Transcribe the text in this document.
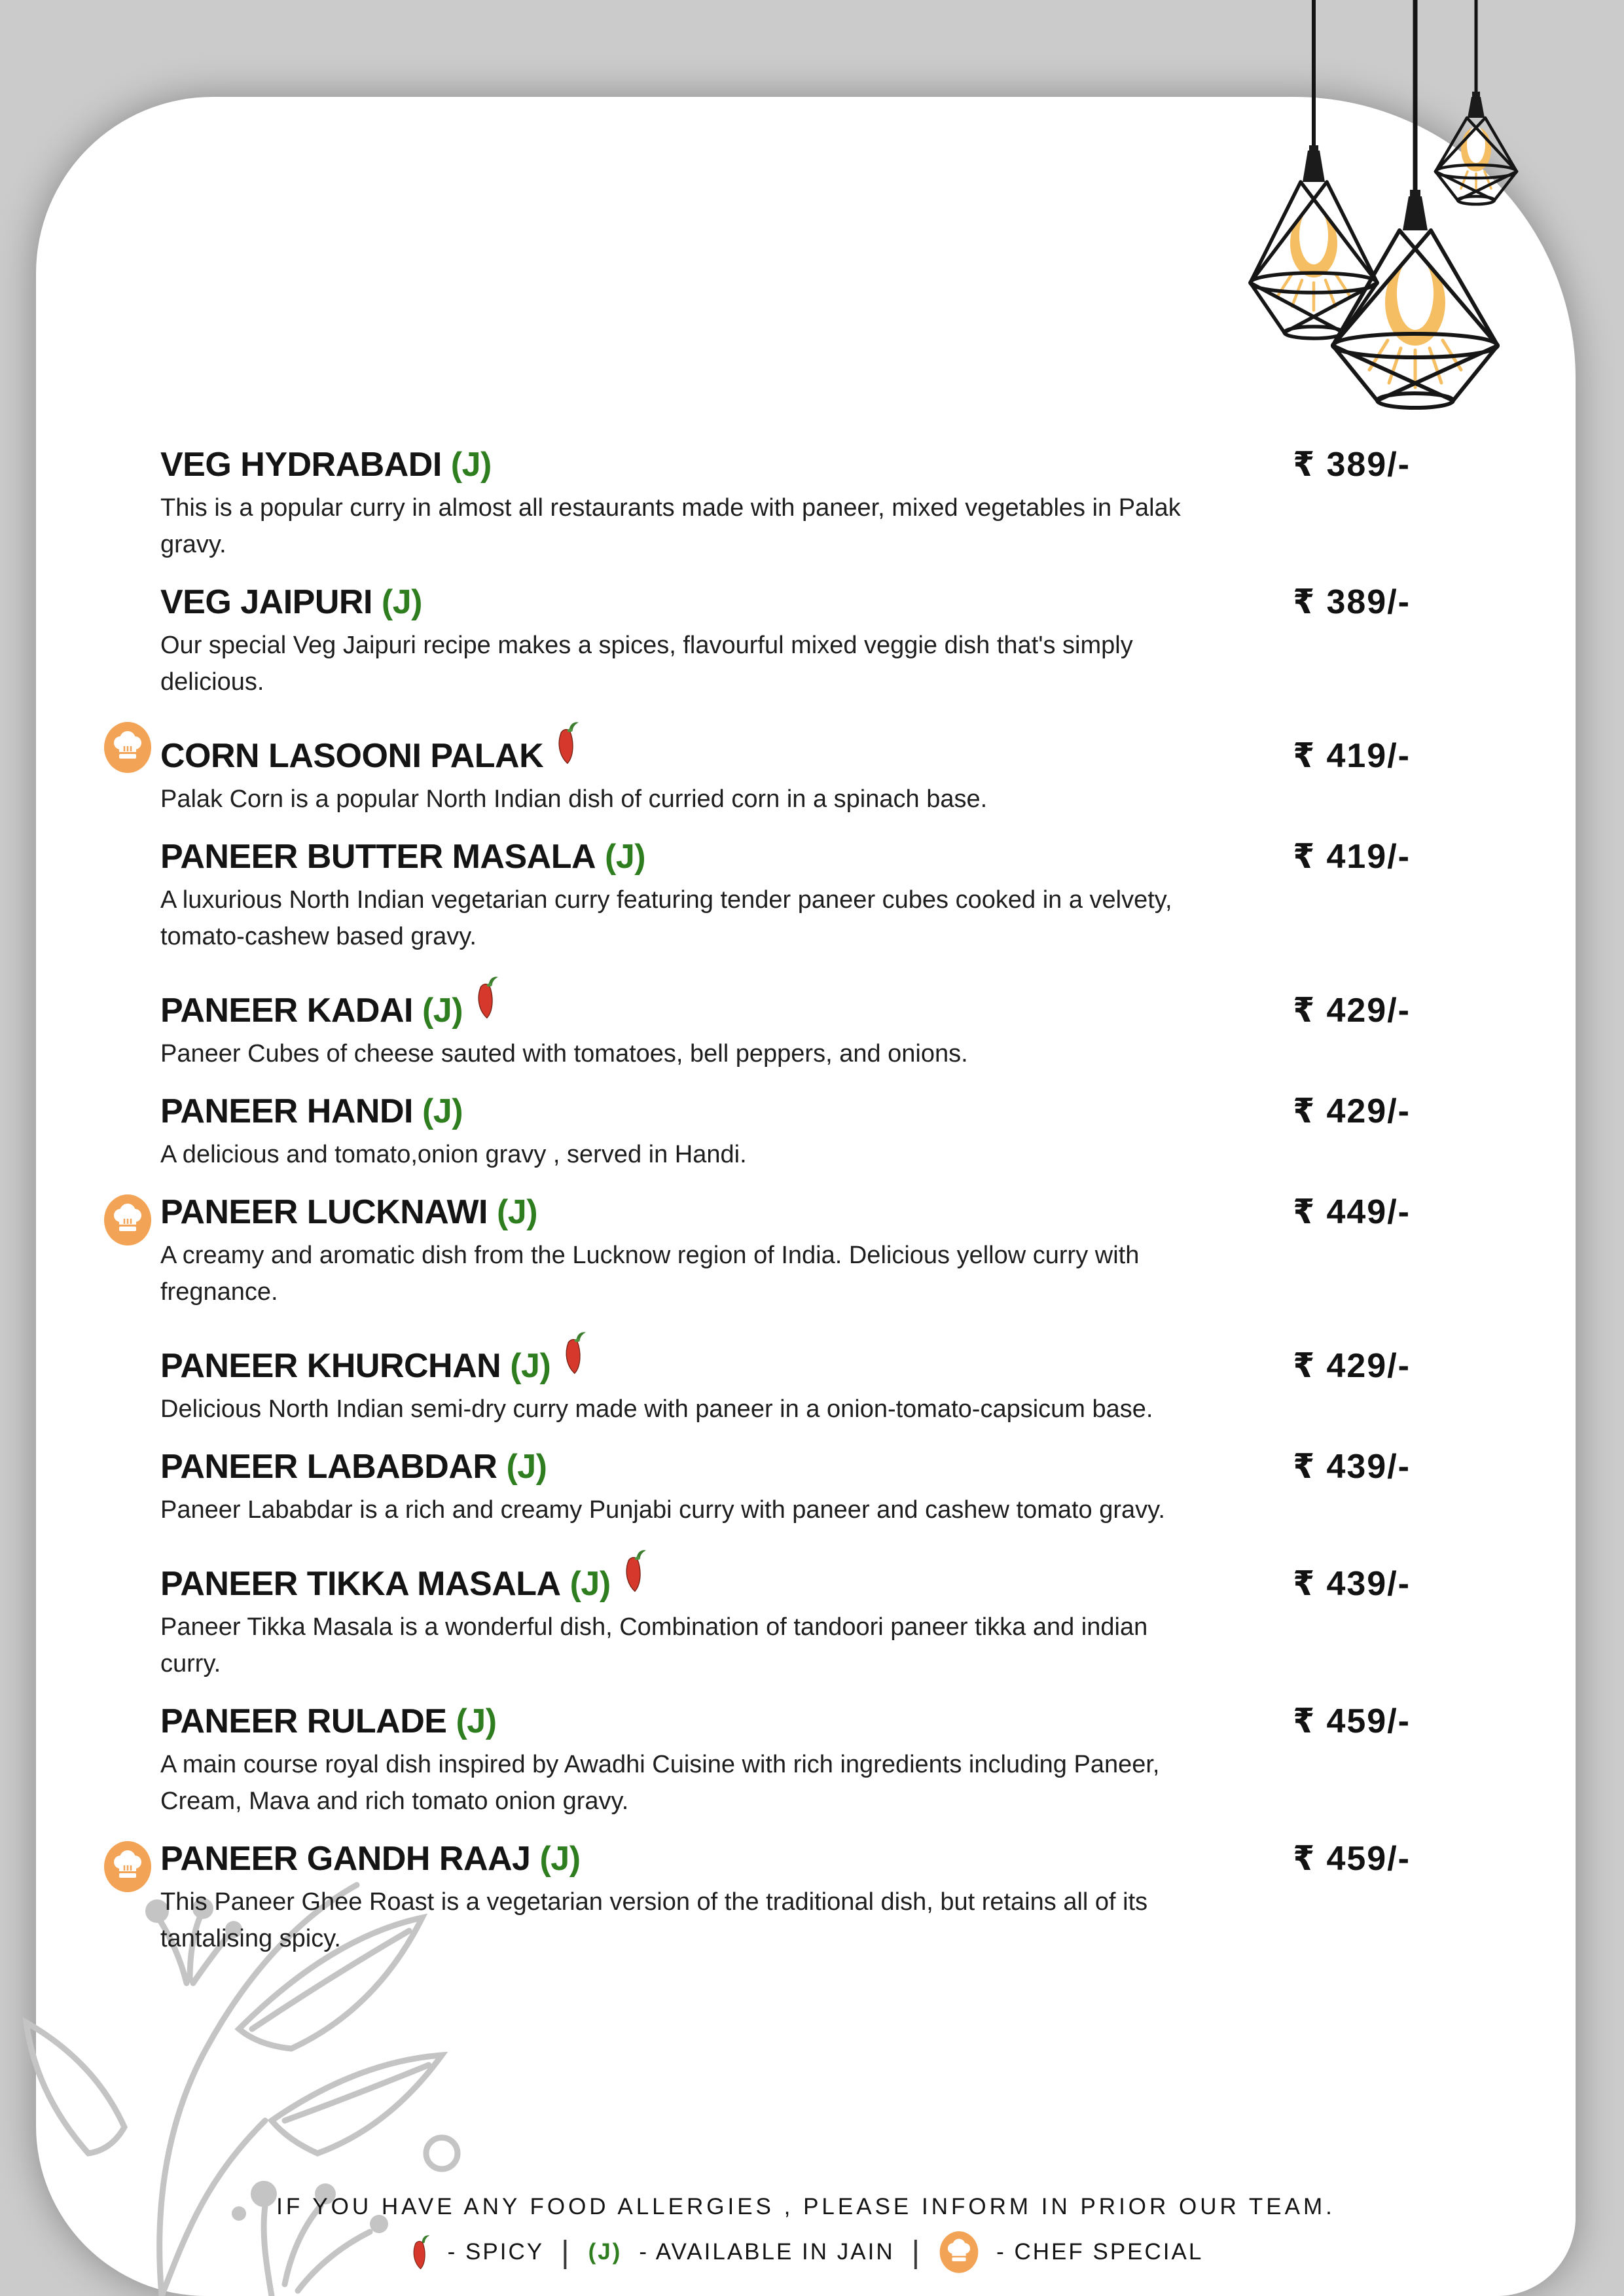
VEG HYDRABADI (J)	₹ 389/-
This is a popular curry in almost all restaurants made with paneer, mixed vegetables in Palak gravy.
VEG JAIPURI (J)	₹ 389/-
Our special Veg Jaipuri recipe makes a spices, flavourful mixed veggie dish that's simply delicious.
CORN LASOONI PALAK	₹ 419/-
Palak Corn is a popular North Indian dish of curried corn in a spinach base.
PANEER BUTTER MASALA (J)	₹ 419/-
A luxurious North Indian vegetarian curry featuring tender paneer cubes cooked in a velvety, tomato-cashew based gravy.
PANEER KADAI (J)	₹ 429/-
Paneer Cubes of cheese sauted with tomatoes, bell peppers, and onions.
PANEER HANDI (J)	₹ 429/-
A delicious and tomato,onion gravy , served in Handi.
PANEER LUCKNAWI (J)	₹ 449/-
A creamy and aromatic dish from the Lucknow region of India. Delicious yellow curry with fregnance.
PANEER KHURCHAN (J)	₹ 429/-
Delicious North Indian semi-dry curry made with paneer in a onion-tomato-capsicum base.
PANEER LABABDAR (J)	₹ 439/-
Paneer Lababdar is a rich and creamy Punjabi curry with paneer and cashew tomato gravy.
PANEER TIKKA MASALA (J)	₹ 439/-
Paneer Tikka Masala is a wonderful dish, Combination of tandoori paneer tikka and indian curry.
PANEER RULADE (J)	₹ 459/-
A main course royal dish inspired by Awadhi Cuisine with rich ingredients including Paneer, Cream, Mava and rich tomato onion gravy.
PANEER GANDH RAAJ (J)	₹ 459/-
This Paneer Ghee Roast is a vegetarian version of the traditional dish, but retains all of its tantalising spicy.
IF YOU HAVE ANY FOOD ALLERGIES , PLEASE INFORM IN PRIOR OUR TEAM.
- SPICY | (J) - AVAILABLE IN JAIN |	- CHEF SPECIAL
